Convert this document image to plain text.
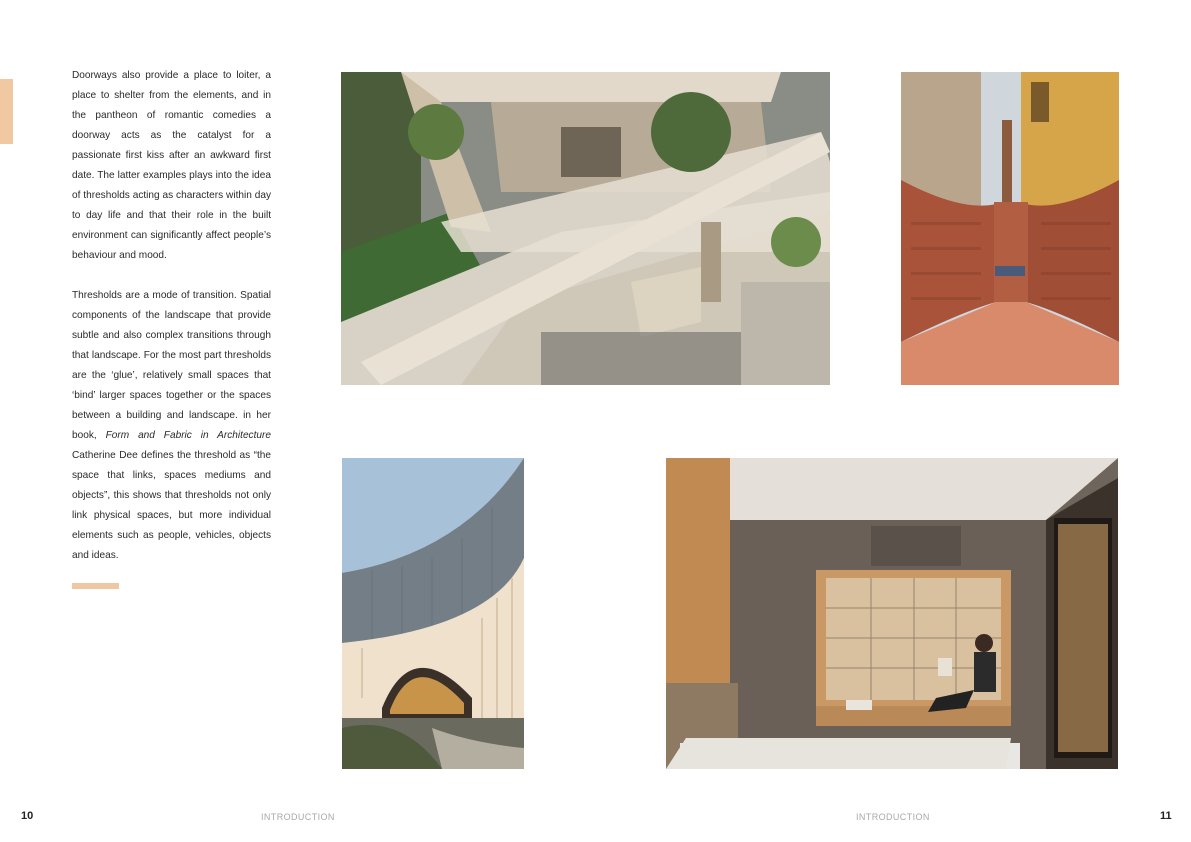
Doorways also provide a place to loiter, a place to shelter from the elements, and in the pantheon of romantic comedies a doorway acts as the catalyst for a passionate first kiss after an awkward first date. The latter examples plays into the idea of thresholds acting as characters within day to day life and that their role in the built environment can significantly affect people’s behaviour and mood.

Thresholds are a mode of transition. Spatial components of the landscape that provide subtle and also complex transitions through that landscape. For the most part thresholds are the ‘glue’, relatively small spaces that ‘bind’ larger spaces together or the spaces between a building and landscape. in her book, Form and Fabric in Architecture Catherine Dee defines the threshold as “the space that links, spaces mediums and objects”, this shows that thresholds not only link physical spaces, but more individual elements such as people, vehicles, objects and ideas.

10	INTRODUCTION	INTRODUCTION	11
